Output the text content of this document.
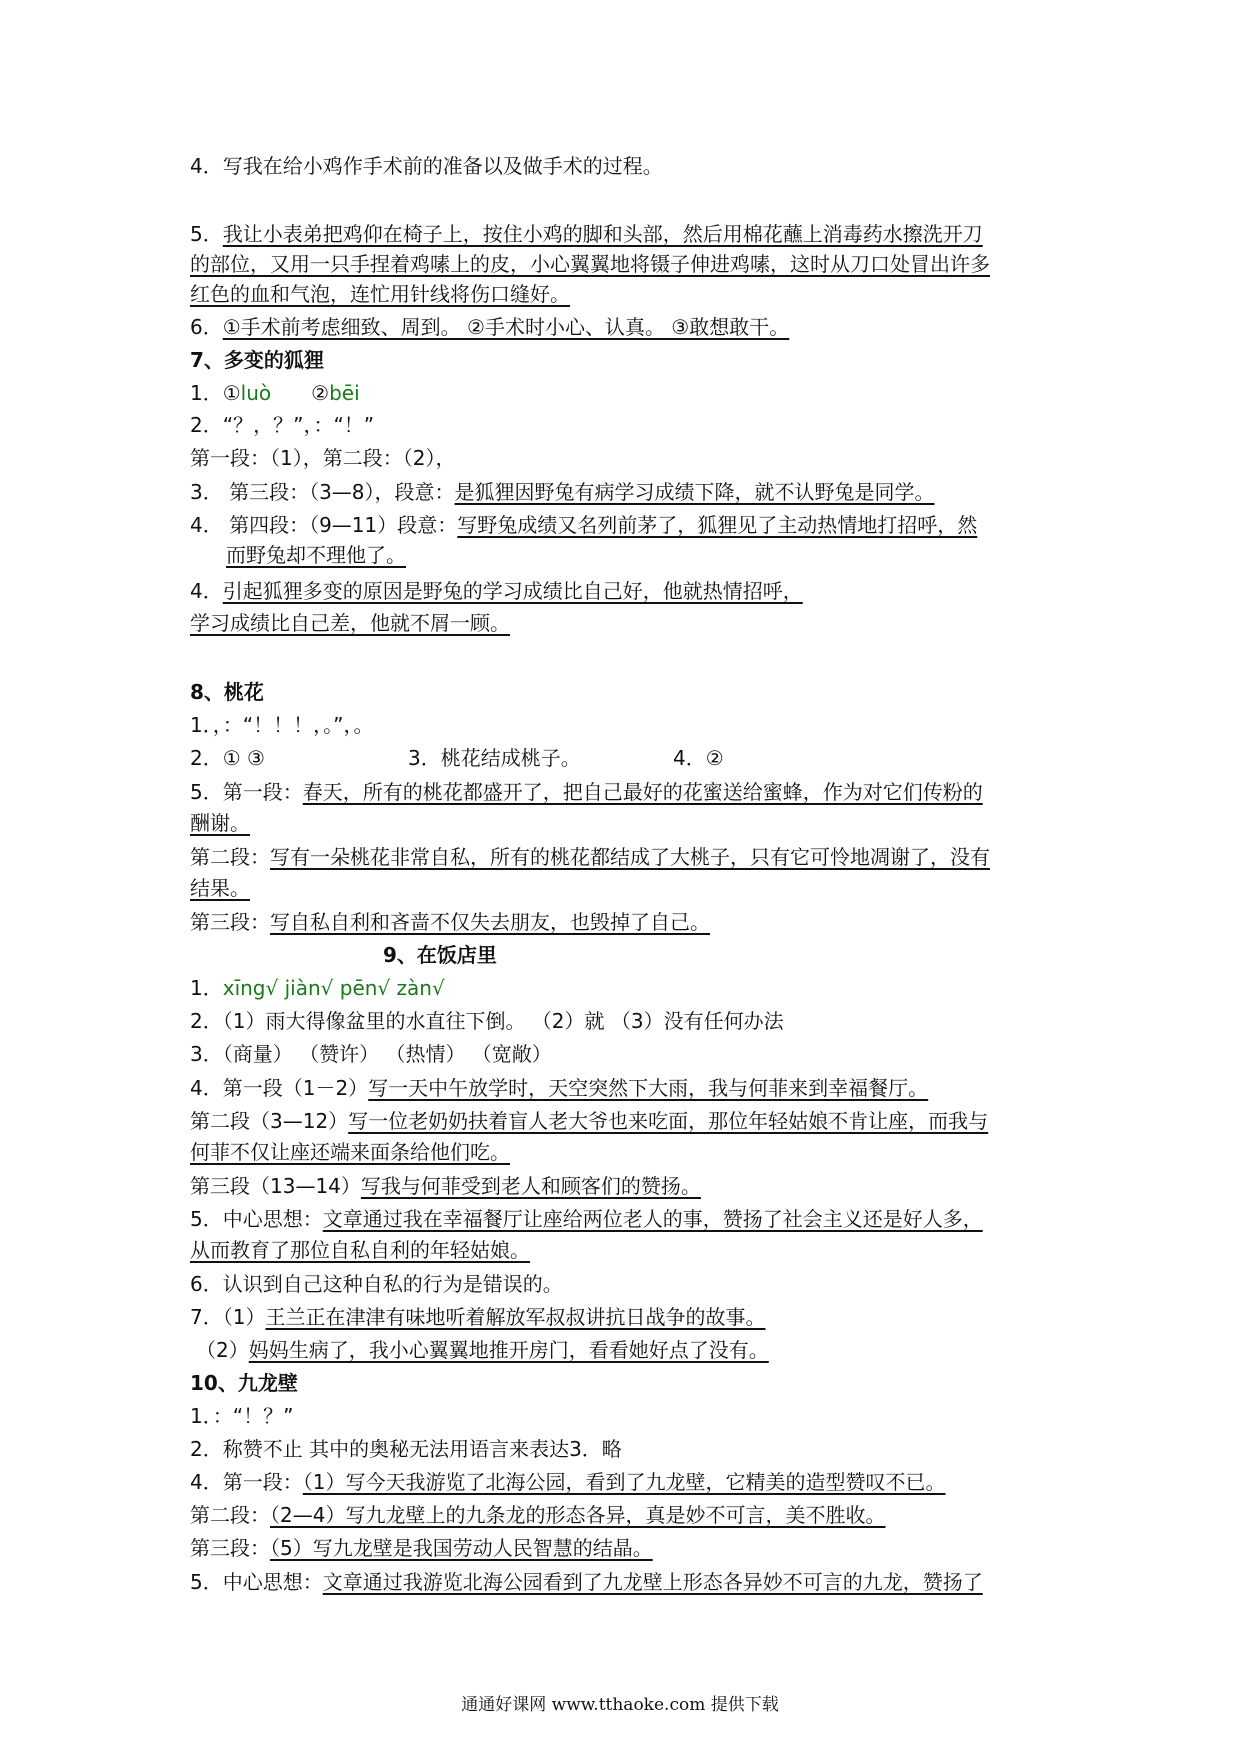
4．写我在给小鸡作手术前的准备以及做手术的过程。
5．我让小表弟把鸡仰在椅子上，按住小鸡的脚和头部，然后用棉花蘸上消毒药水擦洗开刀
的部位，又用一只手捏着鸡嗉上的皮，小心翼翼地将镊子伸进鸡嗉，这时从刀口处冒出许多
红色的血和气泡，连忙用针线将伤口缝好。
6．①手术前考虑细致、周到。 ②手术时小心、认真。 ③敢想敢干。
7、多变的狐狸
1．①luò ②bēi
2．“？，？”，：“！”
第一段：（1），第二段：（2），
3． 第三段：（3—8），段意：是狐狸因野兔有病学习成绩下降，就不认野兔是同学。
4． 第四段：（9—11）段意：写野兔成绩又名列前茅了，狐狸见了主动热情地打招呼，然
而野兔却不理他了。
4．引起狐狸多变的原因是野兔的学习成绩比自己好，他就热情招呼，
学习成绩比自己差，他就不屑一顾。
8、桃花
1．，：“！！！，。”，。
2．① ③	3．桃花结成桃子。	4．②
5．第一段：春天，所有的桃花都盛开了，把自己最好的花蜜送给蜜蜂，作为对它们传粉的
酬谢。
第二段：写有一朵桃花非常自私，所有的桃花都结成了大桃子，只有它可怜地凋谢了，没有
结果。
第三段：写自私自利和吝啬不仅失去朋友，也毁掉了自己。
9、在饭店里
1．xīng√ jiàn√ pēn√ zàn√
2．（1）雨大得像盆里的水直往下倒。 （2）就 （3）没有任何办法
3．（商量） （赞许） （热情） （宽敞）
4．第一段（1－2）写一天中午放学时，天空突然下大雨，我与何菲来到幸福餐厅。
第二段（3—12）写一位老奶奶扶着盲人老大爷也来吃面，那位年轻姑娘不肯让座，而我与
何菲不仅让座还端来面条给他们吃。
第三段（13—14）写我与何菲受到老人和顾客们的赞扬。
5．中心思想：文章通过我在幸福餐厅让座给两位老人的事，赞扬了社会主义还是好人多，
从而教育了那位自私自利的年轻姑娘。
6．认识到自己这种自私的行为是错误的。
7．（1）王兰正在津津有味地听着解放军叔叔讲抗日战争的故事。
（2）妈妈生病了，我小心翼翼地推开房门，看看她好点了没有。
10、九龙壁
1．：“！？”
2．称赞不止 其中的奥秘无法用语言来表达3．略
4．第一段：（1）写今天我游览了北海公园，看到了九龙壁，它精美的造型赞叹不已。
第二段：（2—4）写九龙壁上的九条龙的形态各异，真是妙不可言，美不胜收。
第三段：（5）写九龙壁是我国劳动人民智慧的结晶。
5．中心思想：文章通过我游览北海公园看到了九龙壁上形态各异妙不可言的九龙，赞扬了
通通好课网 www.tthaoke.com 提供下载
